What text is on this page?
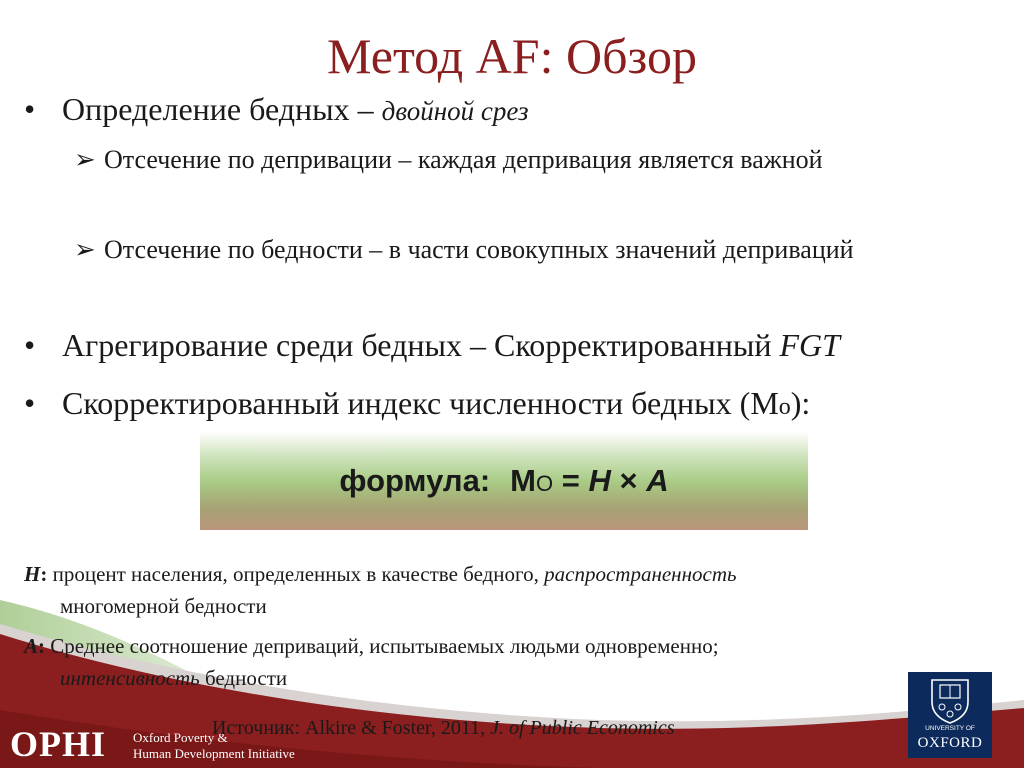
Метод AF: Обзор
• Определение бедных – двойной срез
➢ Отсечение по депривации – каждая депривация является важной
➢ Отсечение по бедности – в части совокупных значений деприваций
• Агрегирование среди бедных – Скорректированный FGT
• Скорректированный индекс численности бедных (Mo):
формула: MO = H × A
H: процент населения, определенных в качестве бедного, распространенность
многомерной бедности
A: Среднее соотношение деприваций, испытываемых людьми одновременно;
интенсивность бедности
OPHI Oxford Poverty &
Human Development Initiative
Источник: Alkire & Foster, 2011, J. of Public Economics	UNIVERSITY OF
OXFORD
